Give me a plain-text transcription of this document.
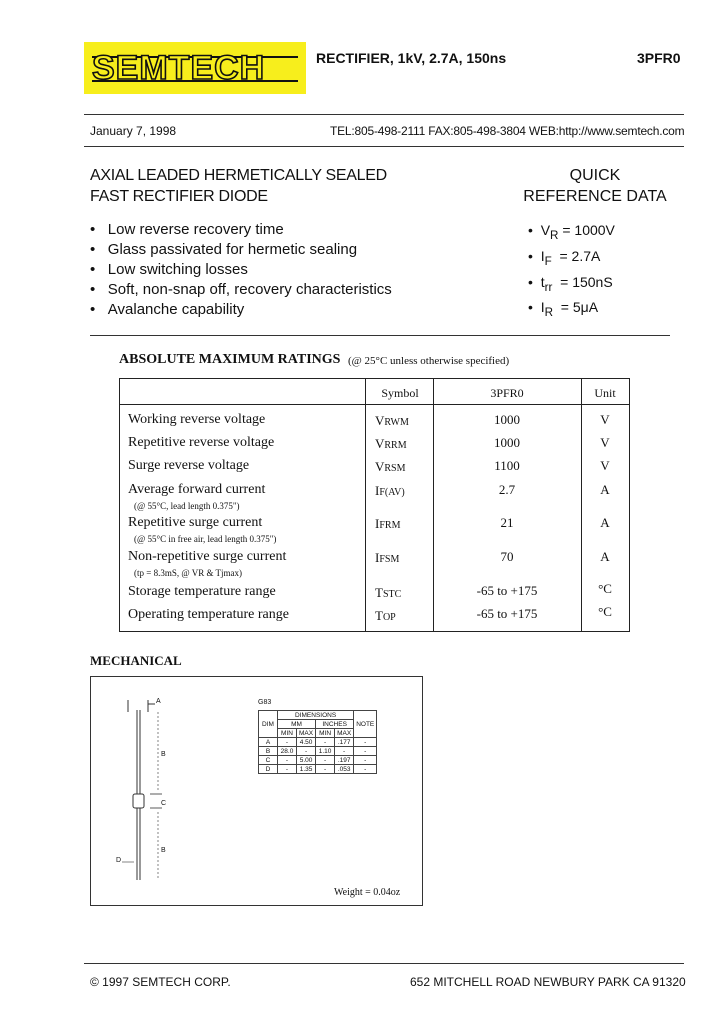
SEMTECH	RECTIFIER, 1kV, 2.7A, 150ns	3PFR0
January 7, 1998	TEL:805-498-2111 FAX:805-498-3804 WEB:http://www.semtech.com
AXIAL LEADED HERMETICALLY SEALED
FAST RECTIFIER DIODE
• Low reverse recovery time
• Glass passivated for hermetic sealing
• Low switching losses
• Soft, non-snap off, recovery characteristics
• Avalanche capability
QUICK
REFERENCE DATA
• $V_R = 1000V$
• $I_F = 2.7A$
• $t_{rr} = 150nS$
• $I_R = 5\mu A$
ABSOLUTE MAXIMUM RATINGS (@ 25°C unless otherwise specified)
Symbol	3PFR0	Unit
Working reverse voltage	VRWM	1000	V
Repetitive reverse voltage	VRRM	1000	V
Surge reverse voltage	VRSM	1100	V
Average forward current
(@ 55°C, lead length 0.375")
IF(AV)	2.7	A
Repetitive surge current
(@ 55°C in free air, lead length 0.375")
IFRM	21	A
Non-repetitive surge current
(tp = 8.3mS, @ VR & Tjmax)
IFSM	70	A
Storage temperature range	TSTC	-65 to +175	°C
Operating temperature range	TOP	-65 to +175	°C
MECHANICAL
A
B
C
B
D
G83
DIM	DIMENSIONS				NOTE
	MM		INCHES		
	MIN	MAX	MIN	MAX	
A	-	4.50	-	.177	-
B	28.0	-	1.10	-	-
C	-	5.00	-	.197	-
D	-	1.35	-	.053	-
Weight = 0.04oz
© 1997 SEMTECH CORP.	652 MITCHELL ROAD NEWBURY PARK CA 91320
